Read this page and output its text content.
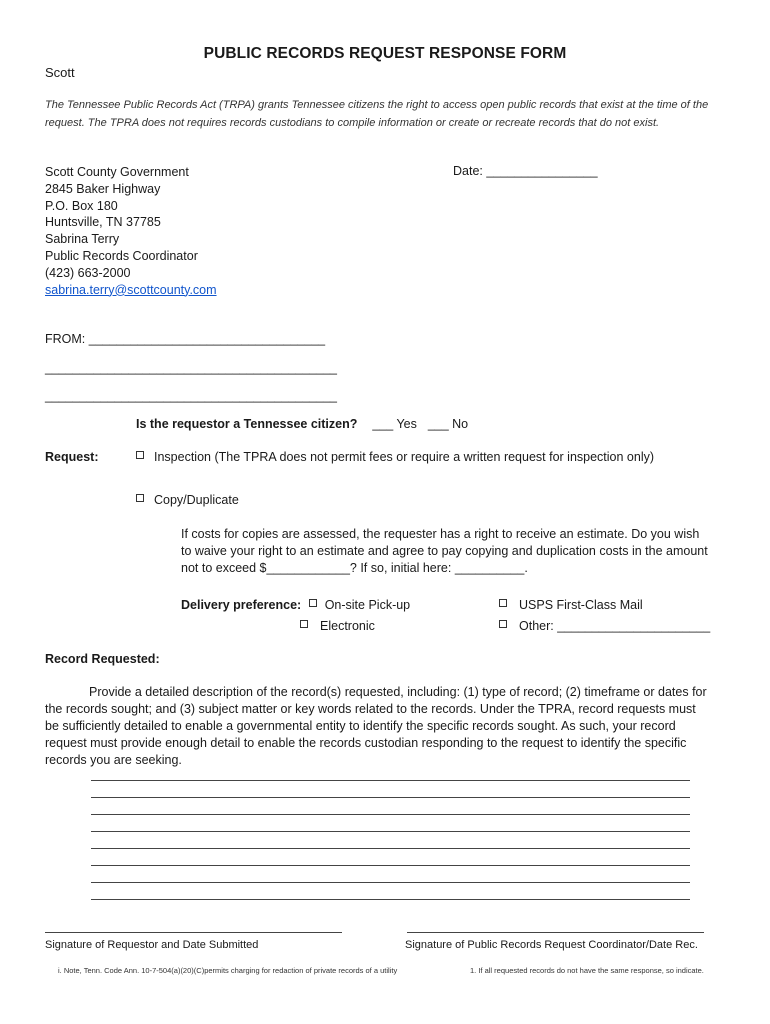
PUBLIC RECORDS REQUEST RESPONSE FORM
Scott
The Tennessee Public Records Act (TRPA) grants Tennessee citizens the right to access open public records that exist at the time of the request. The TPRA does not requires records custodians to compile information or create or recreate records that do not exist.
Scott County Government
2845 Baker Highway
P.O. Box 180
Huntsville, TN 37785
Sabrina Terry
Public Records Coordinator
(423) 663-2000
sabrina.terry@scottcounty.com
Date: ________________
FROM: __________________________________
__________________________________________
__________________________________________
Is the requestor a Tennessee citizen? ___ Yes ___ No
Request:	Inspection (The TPRA does not permit fees or require a written request for inspection only)
Copy/Duplicate
If costs for copies are assessed, the requester has a right to receive an estimate. Do you wish to waive your right to an estimate and agree to pay copying and duplication costs in the amount not to exceed $____________? If so, initial here: __________.
Delivery preference: On-site Pick-up	USPS First-Class Mail
Electronic	Other: ______________________
Record Requested:
Provide a detailed description of the record(s) requested, including: (1) type of record; (2) timeframe or dates for the records sought; and (3) subject matter or key words related to the records. Under the TPRA, record requests must be sufficiently detailed to enable a governmental entity to identify the specific records sought. As such, your record request must provide enough detail to enable the records custodian responding to the request to identify the specific records you are seeking.
Signature of Requestor and Date Submitted	Signature of Public Records Request Coordinator/Date Rec.
i. Note, Tenn. Code Ann. 10-7-504(a)(20)(C)permits charging for redaction of private records of a utility	1. If all requested records do not have the same response, so indicate.
